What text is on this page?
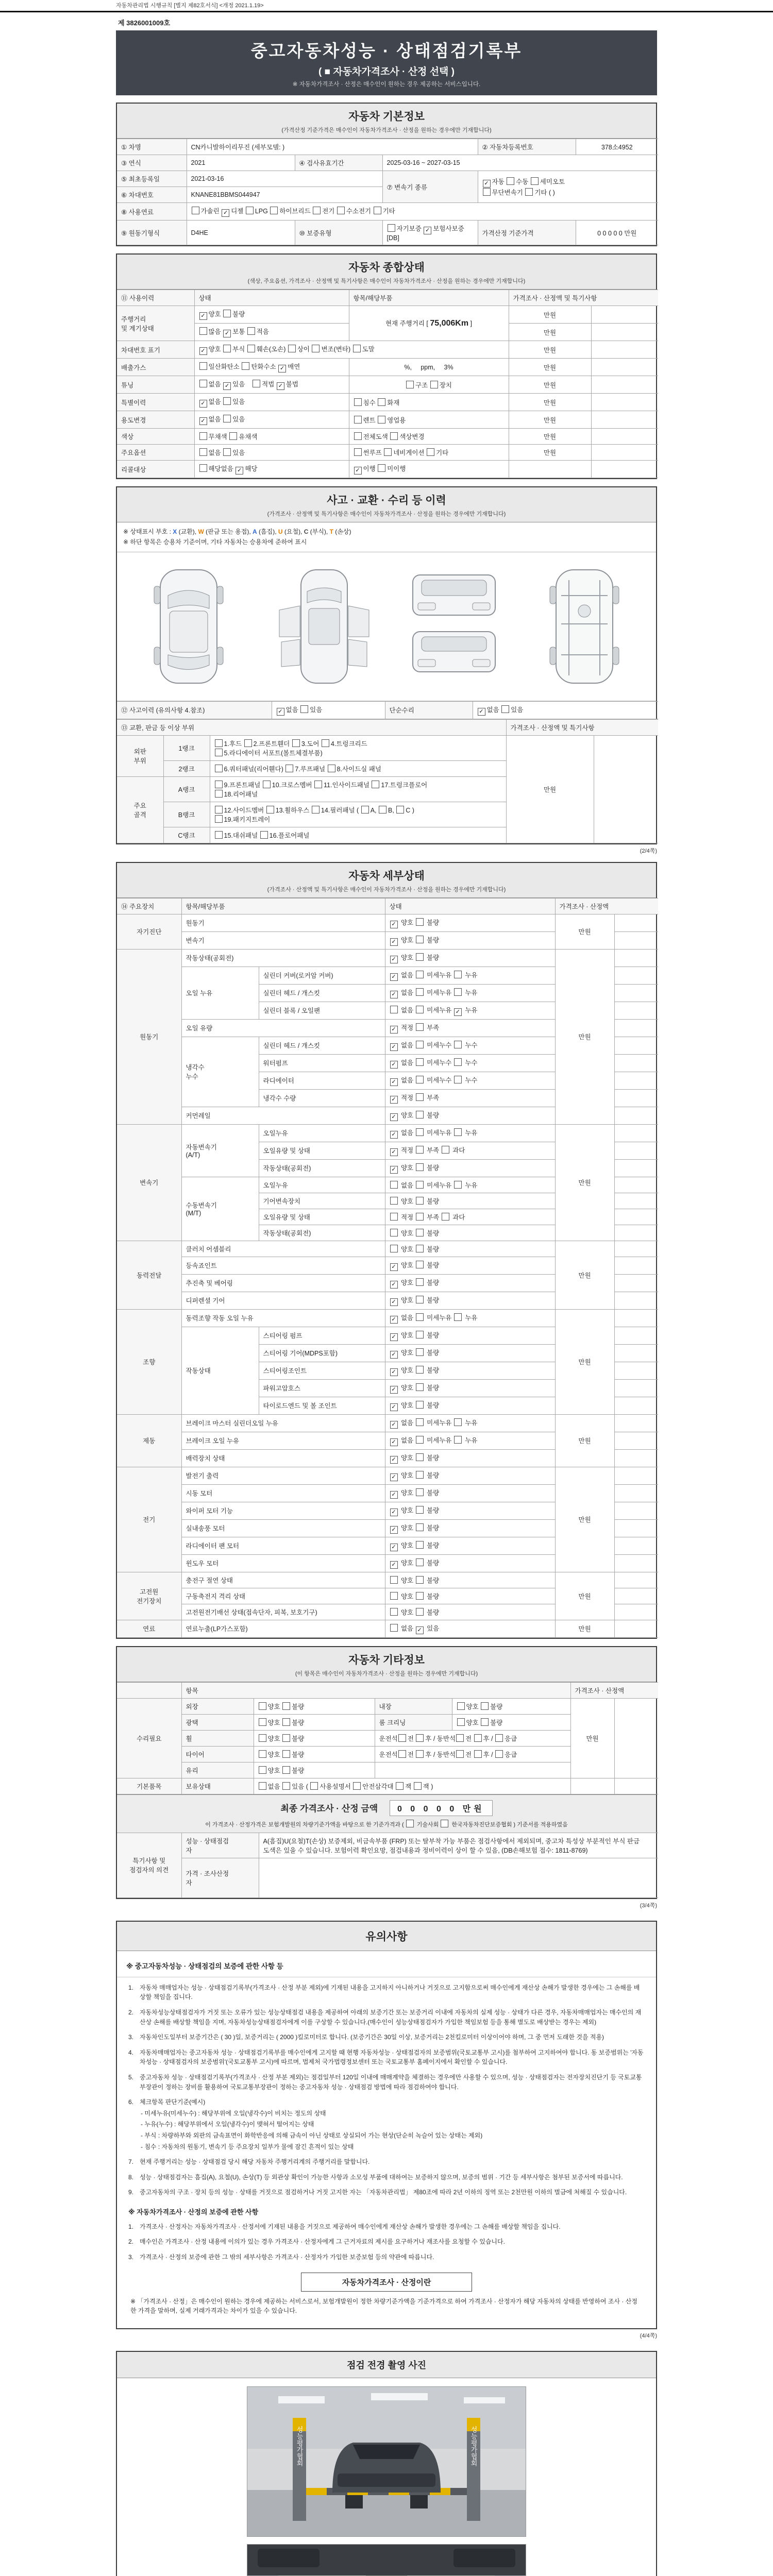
자동차관리법 시행규칙 [별지 제82호서식] <개정 2021.1.19>
제 3826001009호
중고자동차성능 · 상태점검기록부
( ■ 자동차가격조사 · 산정 선택 )
※ 자동차가격조사 · 산정은 매수인이 원하는 경우 제공하는 서비스입니다.
자동차 기본정보
(가격산정 기준가격은 매수인이 자동차가격조사 · 산정을 원하는 경우에만 기재합니다)
① 차명	CN카니발하이리무진 (세부모델: )			② 자동차등록번호	378소4952
③ 연식	2021	④ 검사유효기간	2025-03-16 ~ 2027-03-15		
⑤ 최초등록일	2021-03-16		⑦ 변속기 종류	✓ 자동 수동 세미오토
무단변속기 기타 ( )	
⑥ 차대번호	KNANE81BBMS044947				
⑧ 사용연료	가솔린 ✓ 디젤 LPG 하이브리드 전기 수소전기 기타				
⑨ 원동기형식	D4HE	⑩ 보증유형	자기보증 ✓ 보험사보증 [DB]	가격산정 기준가격	0 0 0 0 0 만원
자동차 종합상태
(색상, 주요옵션, 가격조사 · 산정액 및 특기사항은 매수인이 자동차가격조사 · 산정을 원하는 경우에만 기재합니다)
⑪ 사용이력	상태	항목/해당부품	가격조사 · 산정액 및 특기사항	
주행거리
및 계기상태	✓ 양호 불량	현재 주행거리 [ 75,006Km ]	만원	
	많음 ✓ 보통 적음		만원	
차대번호 표기	✓ 양호 부식 훼손(오손) 상이 변조(변타) 도말		만원	
배출가스	일산화탄소 탄화수소 ✓ 매연	%,     ppm,     3%	만원	
튜닝	없음 ✓ 있음    적법 ✓ 불법	구조 장치	만원	
특별이력	✓ 없음 있음	침수 화재	만원	
용도변경	✓ 없음 있음	렌트 영업용	만원	
색상	무채색 유채색	전체도색 색상변경	만원	
주요옵션	없음 있음	썬루프 네비게이션 기타	만원	
리콜대상	해당없음 ✓ 해당	✓ 이행 미이행		
사고 · 교환 · 수리 등 이력
(가격조사 · 산정액 및 특기사항은 매수인이 자동차가격조사 · 산정을 원하는 경우에만 기재합니다)
※ 상태표시 부호 : X (교환), W (판금 또는 용접), A (흠집), U (요철), C (부식), T (손상)
※ 하단 항목은 승용차 기준이며, 기타 자동차는 승용차에 준하여 표시
⑫ 사고이력 (유의사항 4.참조)	✓ 없음 있음	단순수리	✓ 없음 있음
⑬ 교환, 판금 등 이상 부위			가격조사 · 산정액 및 특기사항	
외판
부위	1랭크	1.후드 2.프론트휀더 3.도어 4.트렁크리드
5.라디에이터 서포트(볼트체결부품)	만원	
	2랭크	6.쿼터패널(리어휀다) 7.루프패널 8.사이드실 패널		
주요
골격	A랭크	9.프론트패널 10.크로스멤버 11.인사이드패널 17.트렁크플로어
18.리어패널		
	B랭크	12.사이드멤버 13.휠하우스 14.필러패널 ( A, B, C )
19.패키지트레이		
	C랭크	15.대쉬패널 16.플로어패널		
(2/4쪽)
자동차 세부상태
(가격조사 · 산정액 및 특기사항은 매수인이 자동차가격조사 · 산정을 원하는 경우에만 기재합니다)
⑭ 주요장치	항목/해당부품		상태	가격조사 · 산정액	
자기진단	원동기		✓ 양호  불량	만원	
	변속기		✓ 양호  불량		
원동기	작동상태(공회전)		✓ 양호  불량	만원	
	오일 누유	실린더 커버(로커암 커버)	✓ 없음  미세누유  누유		
		실린더 헤드 / 개스킷	✓ 없음  미세누유  누유		
		실린더 블록 / 오일팬	없음  미세누유 ✓ 누유		
	오일 유량		✓ 적정  부족		
	냉각수
누수	실린더 헤드 / 개스킷	✓ 없음  미세누수  누수		
		워터펌프	✓ 없음  미세누수  누수		
		라디에이터	✓ 없음  미세누수  누수		
		냉각수 수량	✓ 적정  부족		
	커먼레일		✓ 양호  불량		
변속기	자동변속기
(A/T)	오일누유	✓ 없음  미세누유  누유	만원	
		오일유량 및 상태	✓ 적정  부족  과다		
		작동상태(공회전)	✓ 양호  불량		
	수동변속기
(M/T)	오일누유	없음  미세누유  누유		
		기어변속장치	양호  불량		
		오일유량 및 상태	적정  부족  과다		
		작동상태(공회전)	양호  불량		
동력전달	클러치 어셈블리		양호  불량	만원	
	등속죠인트		✓ 양호  불량		
	추진축 및 베어링		✓ 양호  불량		
	디퍼렌셜 기어		✓ 양호  불량		
조향	동력조향 작동 오일 누유		✓ 없음  미세누유  누유	만원	
	작동상태	스티어링 펌프	✓ 양호  불량		
		스티어링 기어(MDPS포함)	✓ 양호  불량		
		스티어링조인트	✓ 양호  불량		
		파워고압호스	✓ 양호  불량		
		타이로드엔드 및 볼 조인트	✓ 양호  불량		
제동	브레이크 마스터 실린더오일 누유		✓ 없음  미세누유  누유	만원	
	브레이크 오일 누유		✓ 없음  미세누유  누유		
	배력장치 상태		✓ 양호  불량		
전기	발전기 출력		✓ 양호  불량	만원	
	시동 모터		✓ 양호  불량		
	와이퍼 모터 기능		✓ 양호  불량		
	실내송풍 모터		✓ 양호  불량		
	라디에이터 팬 모터		✓ 양호  불량		
	윈도우 모터		✓ 양호  불량		
고전원
전기장치	충전구 절연 상태		양호  불량	만원	
	구동축전지 격리 상태		양호  불량		
	고전원전기배선 상태(접속단자, 피복, 보호기구)		양호  불량		
연료	연료누출(LP가스포함)		없음 ✓ 있음	만원	
자동차 기타정보
(이 항목은 매수인이 자동차가격조사 · 산정을 원하는 경우에만 기재합니다)
	항목				가격조사 · 산정액	
수리필요	외장	양호 불량	내장	양호 불량	만원	
	광택	양호 불량	룸 크리닝	양호 불량		
	휠	양호 불량	운전석 전 후 / 동반석 전 후 / 응급			
	타이어	양호 불량	운전석 전 후 / 동반석 전 후 / 응급			
	유리	양호 불량				
기본품목	보유상태	없음 있음 ( 사용설명서 안전삼각대 잭 잭 )				
최종 가격조사 · 산정 금액 0 0 0 0 0 만원
이 가격조사 · 산정가격은 보험개발원의 차량기준가액을 바탕으로 한 기준가격과 (  기술사회  한국자동차진단보증협회 ) 기준서를 적용하였음
특기사항 및
점검자의 의견	성능 · 상태점검
자	A(흠집)U(요철)T(손상) 보증제외, 비금속부품 (FRP) 또는 탈부착 가능 부품은 점검사항에서 제외되며, 중고차 특성상 부분적인 부식 판금 도색은 있을 수 있습니다. 보험이력 확인요망, 점검내용과 정비이력이 상이 할 수 있음, (DB손해보험 접수: 1811-8769)
	가격 · 조사산정
자	
(3/4쪽)
유의사항
※ 중고자동차성능 · 상태점검의 보증에 관한 사항 등
1. 자동차 매매업자는 성능 · 상태점검기록부(가격조사 · 산정 부분 제외)에 기재된 내용을 고지하지 아니하거나 거짓으로 고지함으로써 매수인에게 재산상 손해가 발생한 경우에는 그 손해를 배상할 책임을 집니다.
2. 자동차성능상태점검자가 거짓 또는 오류가 있는 성능상태점검 내용을 제공하여 아래의 보증기간 또는 보증거리 이내에 자동차의 실제 성능 · 상태가 다른 경우, 자동차매매업자는 매수인의 재산상 손해를 배상할 책임을 지며, 자동차성능상태점검자에게 이를 구상할 수 있습니다.(매수인이 성능상태점검자가 가입한 책임보험 등을 통해 별도로 배상받는 경우는 제외)
3. 자동차인도일부터 보증기간은 ( 30 )일, 보증거리는 ( 2000 )킬로미터로 합니다. (보증기간은 30일 이상, 보증거리는 2천킬로미터 이상이어야 하며, 그 중 먼저 도래한 것을 적용)
4. 자동차매매업자는 중고자동차 성능 · 상태점검기록부를 매수인에게 고지할 때 현행 자동차성능 · 상태점검자의 보증범위(국토교통부 고시)를 첨부하여 고지하여야 합니다. 동 보증범위는 '자동차성능 · 상태점검자의 보증범위'(국토교통부 고시)에 따르며, 법제처 국가법령정보센터 또는 국토교통부 홈페이지에서 확인할 수 있습니다.
5. 중고자동차 성능 · 상태점검기록부(가격조사 · 산정 부분 제외)는 점검일부터 120일 이내에 매매계약을 체결하는 경우에만 사용할 수 있으며, 성능 · 상태점검자는 전자장치진단기 등 국토교통부장관이 정하는 장비를 활용하여 국토교통부장관이 정하는 중고자동차 성능 · 상태점검 방법에 따라 점검하여야 합니다.
6. 체크항목 판단기준(예시)
- 미세누유(미세누수) : 해당부위에 오일(냉각수)이 비치는 정도의 상태
- 누유(누수) : 해당부위에서 오일(냉각수)이 맺혀서 떨어지는 상태
- 부식 : 차량하부와 외판의 금속표면이 화학반응에 의해 금속이 아닌 상태로 상실되어 가는 현상(단순히 녹슬어 있는 상태는 제외)
- 침수 : 자동차의 원동기, 변속기 등 주요장치 일부가 물에 잠긴 흔적이 있는 상태
7. 현재 주행거리는 성능 · 상태점검 당시 해당 자동차 주행거리계의 주행거리를 말합니다.
8. 성능 · 상태점검자는 흠집(A), 요철(U), 손상(T) 등 외관상 확인이 가능한 사항과 소모성 부품에 대하여는 보증하지 않으며, 보증의 범위 · 기간 등 세부사항은 첨부된 보증서에 따릅니다.
9. 중고자동차의 구조 · 장치 등의 성능 · 상태를 거짓으로 점검하거나 거짓 고지한 자는 「자동차관리법」 제80조에 따라 2년 이하의 징역 또는 2천만원 이하의 벌금에 처해질 수 있습니다.
※ 자동차가격조사 · 산정의 보증에 관한 사항
1. 가격조사 · 산정자는 자동차가격조사 · 산정서에 기재된 내용을 거짓으로 제공하여 매수인에게 재산상 손해가 발생한 경우에는 그 손해를 배상할 책임을 집니다.
2. 매수인은 가격조사 · 산정 내용에 이의가 있는 경우 가격조사 · 산정자에게 그 근거자료의 제시를 요구하거나 재조사를 요청할 수 있습니다.
3. 가격조사 · 산정의 보증에 관한 그 밖의 세부사항은 가격조사 · 산정자가 가입한 보증보험 등의 약관에 따릅니다.
자동차가격조사 · 산정이란
※ 「가격조사 · 산정」은 매수인이 원하는 경우에 제공하는 서비스로서, 보험개발원이 정한 차량기준가액을 기준가격으로 하여 가격조사 · 산정자가 해당 자동차의 상태를 반영하여 조사 · 산정한 가격을 말하며, 실제 거래가격과는 차이가 있을 수 있습니다.
(4/4쪽)
점검 전경 촬영 사진
성능평가협회	성능평가협회
